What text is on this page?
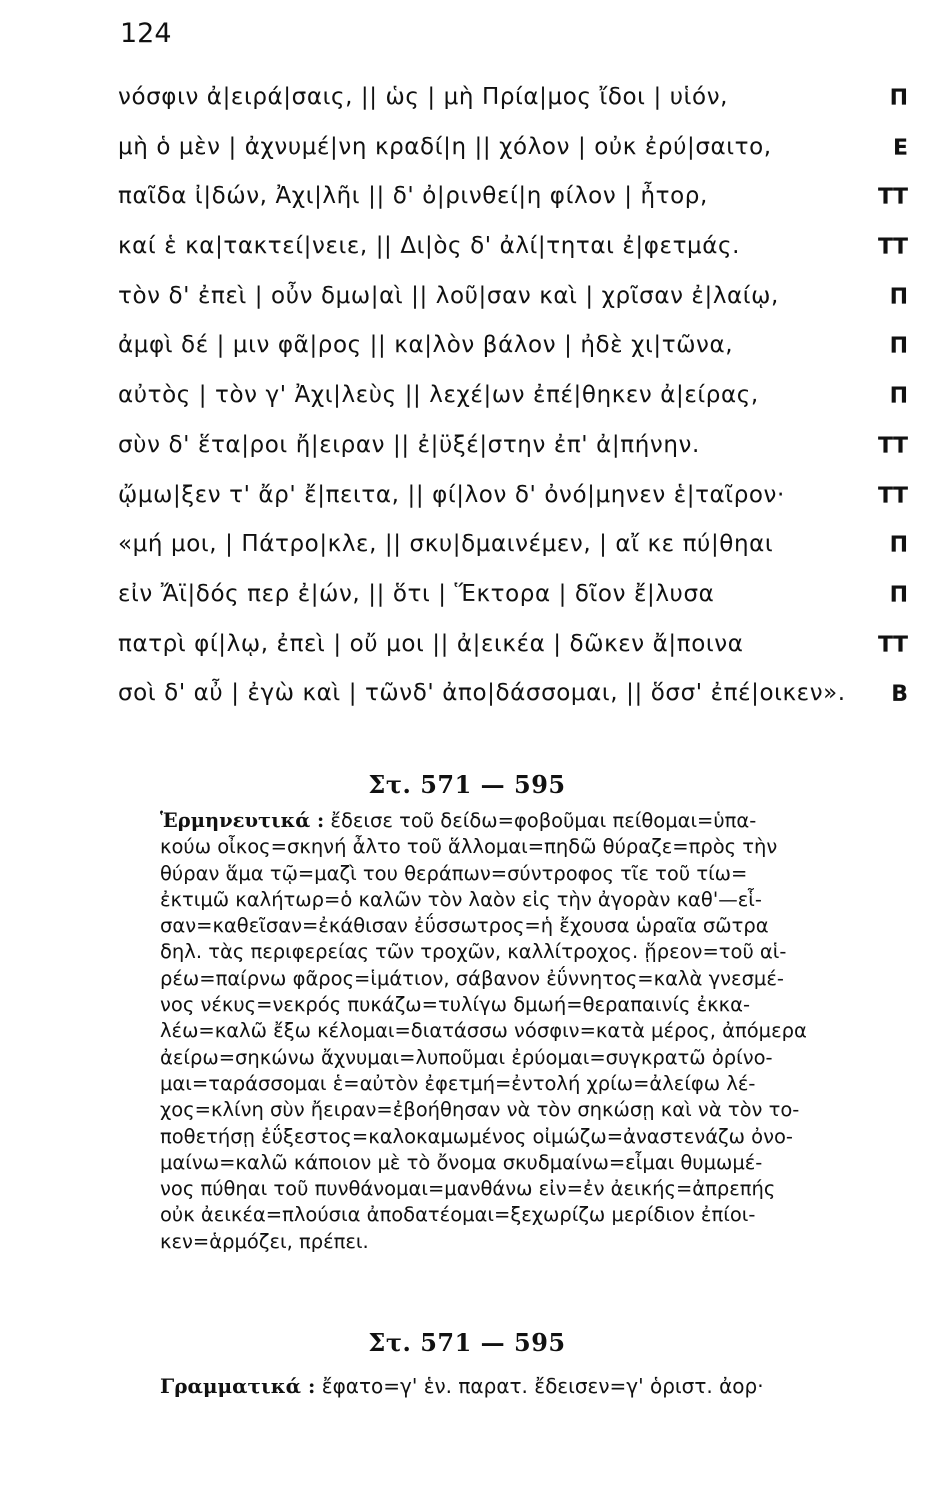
124
νόσφιν ἀ|ειρά|σαις, || ὡς | μὴ Πρία|μος ἴδοι | υἱόν,	Π
μὴ ὁ μὲν | ἀχνυμέ|νη κραδί|η || χόλον | οὐκ ἐρύ|σαιτο,	Ε
παῖδα ἰ|δών, Ἀχι|λῆι || δ' ὀ|ρινθεί|η φίλον | ἦτορ,	ΤΤ
καί ἑ κα|τακτεί|νειε, || Δι|ὸς δ' ἀλί|τηται ἐ|φετμάς.	ΤΤ
τὸν δ' ἐπεὶ | οὖν δμω|αὶ || λοῦ|σαν καὶ | χρῖσαν ἐ|λαίῳ,	Π
ἀμφὶ δέ | μιν φᾶ|ρος || κα|λὸν βάλον | ἠδὲ χι|τῶνα,	Π
αὐτὸς | τὸν γ' Ἀχι|λεὺς || λεχέ|ων ἐπέ|θηκεν ἀ|είρας,	Π
σὺν δ' ἕτα|ροι ἤ|ειραν || ἐ|ϋξέ|στην ἐπ' ἀ|πήνην.	ΤΤ
ᾤμω|ξεν τ' ἄρ' ἔ|πειτα, || φί|λον δ' ὀνό|μηνεν ἑ|ταῖρον·	ΤΤ
«μή μοι, | Πάτρο|κλε, || σκυ|δμαινέμεν, | αἴ κε πύ|θηαι	Π
εἰν Ἄϊ|δός περ ἐ|ών, || ὅτι | Ἕκτορα | δῖον ἔ|λυσα	Π
πατρὶ φί|λῳ, ἐπεὶ | οὔ μοι || ἀ|εικέα | δῶκεν ἄ|ποινα	ΤΤ
σοὶ δ' αὖ | ἐγὼ καὶ | τῶνδ' ἀπο|δάσσομαι, || ὅσσ' ἐπέ|οικεν». Β
Στ. 571 — 595
Ἑρμηνευτικά : ἔδεισε τοῦ δείδω=φοβοῦμαι πείθομαι=ὑπα-
κούω οἶκος=σκηνή ἆλτο τοῦ ἅλλομαι=πηδῶ θύραζε=πρὸς τὴν
θύραν ἅμα τῷ=μαζὶ του θεράπων=σύντροφος τῖε τοῦ τίω=
ἐκτιμῶ καλήτωρ=ὁ καλῶν τὸν λαὸν εἰς τὴν ἀγορὰν καθ'—εἷ-
σαν=καθεῖσαν=ἐκάθισαν ἐΰσσωτρος=ἡ ἔχουσα ὡραῖα σῶτρα
δηλ. τὰς περιφερείας τῶν τροχῶν, καλλίτροχος. ᾕρεον=τοῦ αἱ-
ρέω=παίρνω φᾶρος=ἱμάτιον, σάβανον ἐΰννητος=καλὰ γνεσμέ-
νος νέκυς=νεκρός πυκάζω=τυλίγω δμωή=θεραπαινίς ἐκκα-
λέω=καλῶ ἔξω κέλομαι=διατάσσω νόσφιν=κατὰ μέρος, ἀπόμερα
ἀείρω=σηκώνω ἄχνυμαι=λυποῦμαι ἐρύομαι=συγκρατῶ ὀρίνο-
μαι=ταράσσομαι ἑ=αὐτὸν ἐφετμή=ἐντολή χρίω=ἀλείφω λέ-
χος=κλίνη σὺν ἤειραν=ἐβοήθησαν νὰ τὸν σηκώσῃ καὶ νὰ τὸν το-
ποθετήσῃ ἐΰξεστος=καλοκαμωμένος οἰμώζω=ἀναστενάζω ὀνο-
μαίνω=καλῶ κάποιον μὲ τὸ ὄνομα σκυδμαίνω=εἶμαι θυμωμέ-
νος πύθηαι τοῦ πυνθάνομαι=μανθάνω εἰν=ἐν ἀεικής=ἀπρεπής
οὐκ ἀεικέα=πλούσια ἀποδατέομαι=ξεχωρίζω μερίδιον ἐπίοι-
κεν=ἁρμόζει, πρέπει.
Στ. 571 — 595
Γραμματικά : ἔφατο=γ' ἑν. παρατ. ἔδεισεν=γ' ὁριστ. ἀορ·
